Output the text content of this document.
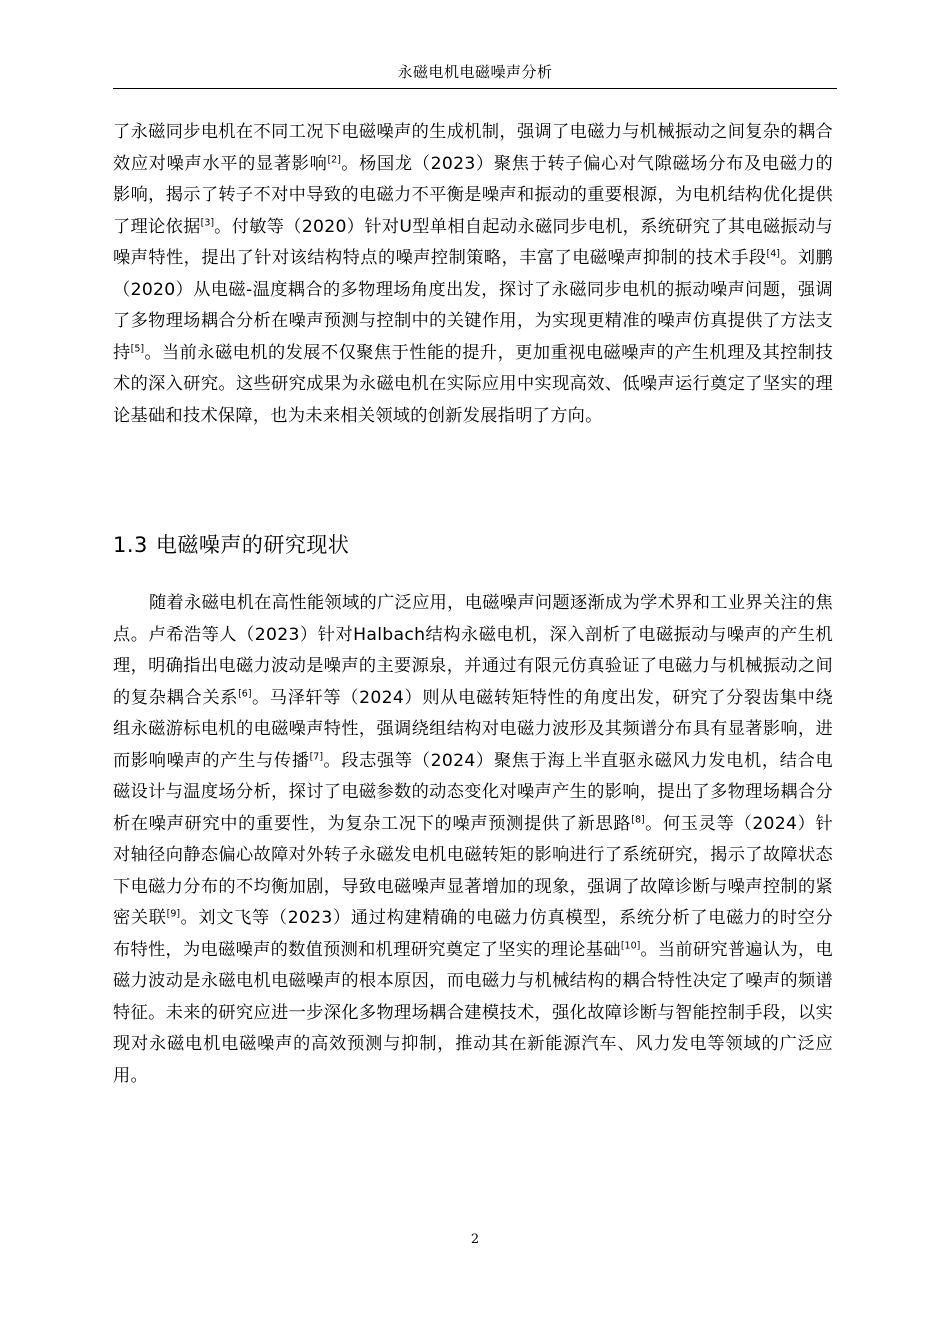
永磁电机电磁噪声分析

了永磁同步电机在不同工况下电磁噪声的生成机制，强调了电磁力与机械振动之间复杂的耦合效应对噪声水平的显著影响[2]。杨国龙（2023）聚焦于转子偏心对气隙磁场分布及电磁力的影响，揭示了转子不对中导致的电磁力不平衡是噪声和振动的重要根源，为电机结构优化提供了理论依据[3]。付敏等（2020）针对U型单相自起动永磁同步电机，系统研究了其电磁振动与噪声特性，提出了针对该结构特点的噪声控制策略，丰富了电磁噪声抑制的技术手段[4]。刘鹏（2020）从电磁-温度耦合的多物理场角度出发，探讨了永磁同步电机的振动噪声问题，强调了多物理场耦合分析在噪声预测与控制中的关键作用，为实现更精准的噪声仿真提供了方法支持[5]。当前永磁电机的发展不仅聚焦于性能的提升，更加重视电磁噪声的产生机理及其控制技术的深入研究。这些研究成果为永磁电机在实际应用中实现高效、低噪声运行奠定了坚实的理论基础和技术保障，也为未来相关领域的创新发展指明了方向。

1.3 电磁噪声的研究现状

随着永磁电机在高性能领域的广泛应用，电磁噪声问题逐渐成为学术界和工业界关注的焦点。卢希浩等人（2023）针对Halbach结构永磁电机，深入剖析了电磁振动与噪声的产生机理，明确指出电磁力波动是噪声的主要源泉，并通过有限元仿真验证了电磁力与机械振动之间的复杂耦合关系[6]。马泽轩等（2024）则从电磁转矩特性的角度出发，研究了分裂齿集中绕组永磁游标电机的电磁噪声特性，强调绕组结构对电磁力波形及其频谱分布具有显著影响，进而影响噪声的产生与传播[7]。段志强等（2024）聚焦于海上半直驱永磁风力发电机，结合电磁设计与温度场分析，探讨了电磁参数的动态变化对噪声产生的影响，提出了多物理场耦合分析在噪声研究中的重要性，为复杂工况下的噪声预测提供了新思路[8]。何玉灵等（2024）针对轴径向静态偏心故障对外转子永磁发电机电磁转矩的影响进行了系统研究，揭示了故障状态下电磁力分布的不均衡加剧，导致电磁噪声显著增加的现象，强调了故障诊断与噪声控制的紧密关联[9]。刘文飞等（2023）通过构建精确的电磁力仿真模型，系统分析了电磁力的时空分布特性，为电磁噪声的数值预测和机理研究奠定了坚实的理论基础[10]。当前研究普遍认为，电磁力波动是永磁电机电磁噪声的根本原因，而电磁力与机械结构的耦合特性决定了噪声的频谱特征。未来的研究应进一步深化多物理场耦合建模技术，强化故障诊断与智能控制手段，以实现对永磁电机电磁噪声的高效预测与抑制，推动其在新能源汽车、风力发电等领域的广泛应用。

2
